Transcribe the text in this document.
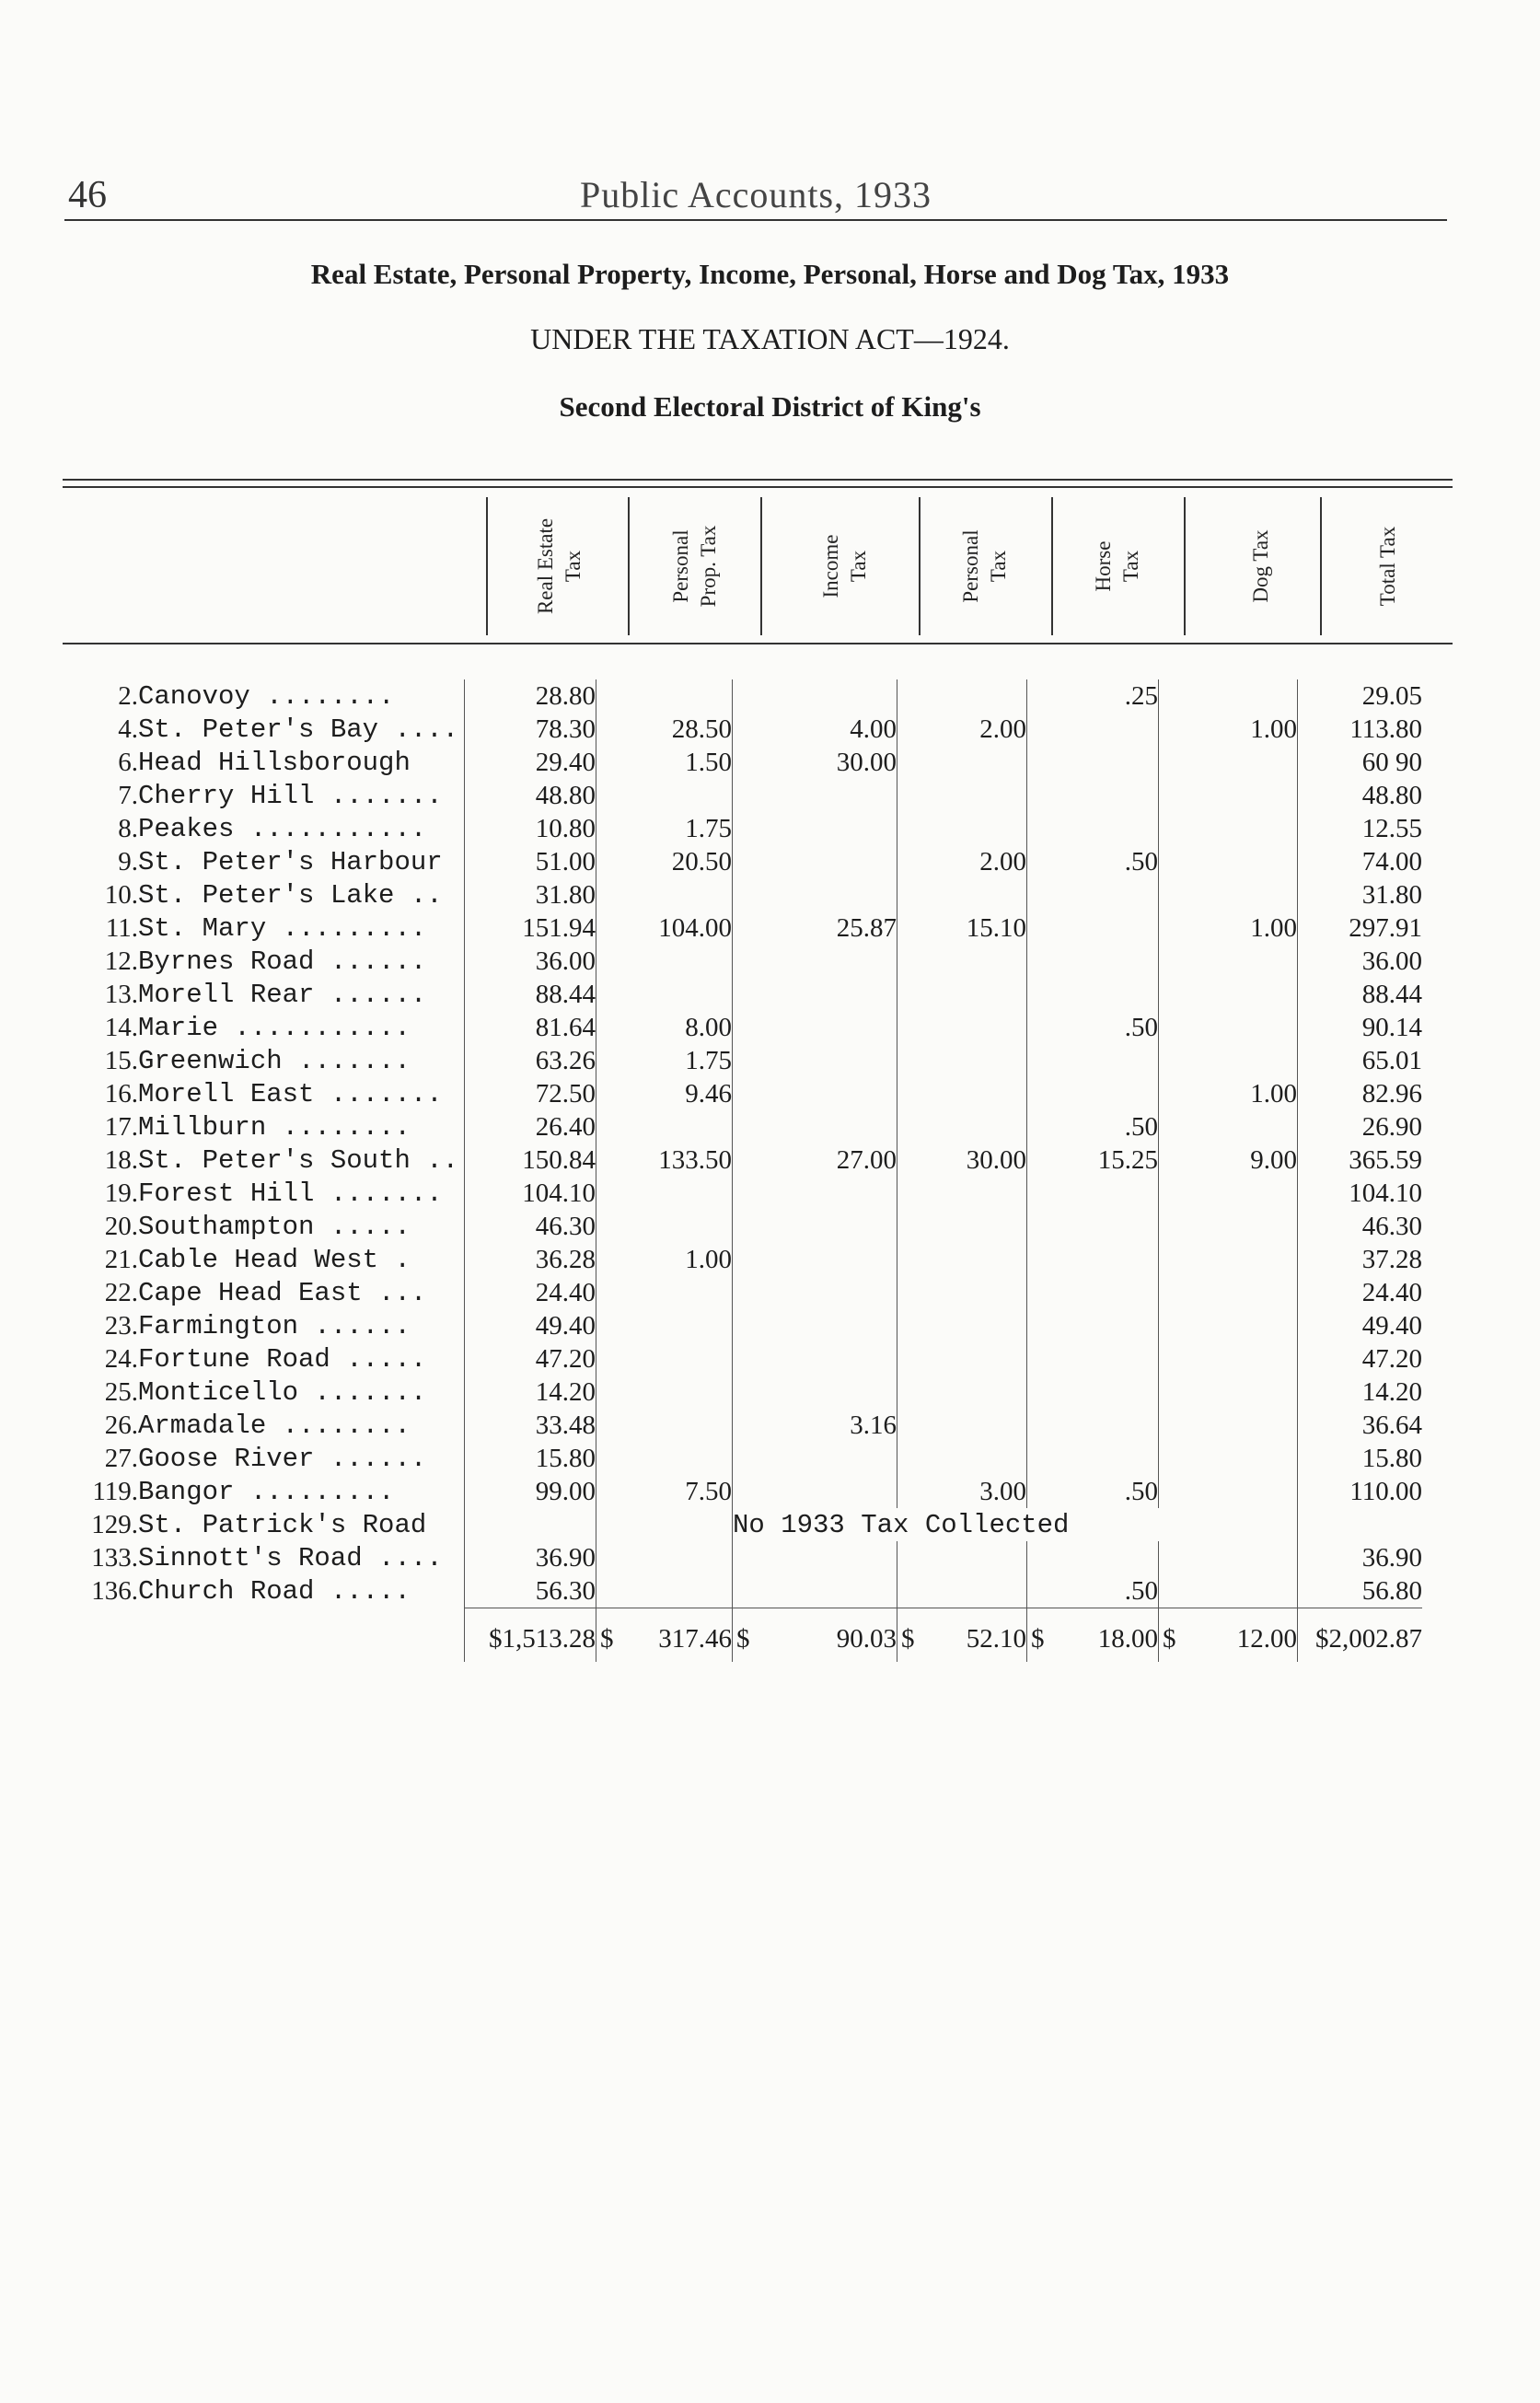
46	Public Accounts, 1933
Real Estate, Personal Property, Income, Personal, Horse and Dog Tax, 1933
UNDER THE TAXATION ACT—1924.
Second Electoral District of King's
Real Estate Tax	Personal Prop. Tax	Income Tax	Personal Tax	Horse Tax	Dog Tax	Total Tax
2.	Canovoy ........	28.80				.25		29.05
4.	St. Peter's Bay ....	78.30	28.50	4.00	2.00		1.00	113.80
6.	Head Hillsborough	29.40	1.50	30.00				60 90
7.	Cherry Hill .......	48.80						48.80
8.	Peakes ...........	10.80	1.75					12.55
9.	St. Peter's Harbour	51.00	20.50		2.00	.50		74.00
10.	St. Peter's Lake ..	31.80						31.80
11.	St. Mary .........	151.94	104.00	25.87	15.10		1.00	297.91
12.	Byrnes Road ......	36.00						36.00
13.	Morell Rear ......	88.44						88.44
14.	Marie ...........	81.64	8.00			.50		90.14
15.	Greenwich .......	63.26	1.75					65.01
16.	Morell East .......	72.50	9.46				1.00	82.96
17.	Millburn ........	26.40				.50		26.90
18.	St. Peter's South ..	150.84	133.50	27.00	30.00	15.25	9.00	365.59
19.	Forest Hill .......	104.10						104.10
20.	Southampton .....	46.30						46.30
21.	Cable Head West .	36.28	1.00					37.28
22.	Cape Head East ...	24.40						24.40
23.	Farmington ......	49.40						49.40
24.	Fortune Road .....	47.20						47.20
25.	Monticello .......	14.20						14.20
26.	Armadale ........	33.48		3.16				36.64
27.	Goose River ......	15.80						15.80
119.	Bangor .........	99.00	7.50		3.00	.50		110.00
129.	St. Patrick's Road			No 1933 Tax Collected				
133.	Sinnott's Road ....	36.90						36.90
136.	Church Road .....	56.30				.50		56.80
		$1,513.28	$ 317.46	$ 90.03	$ 52.10	$ 18.00	$ 12.00	$2,002.87
